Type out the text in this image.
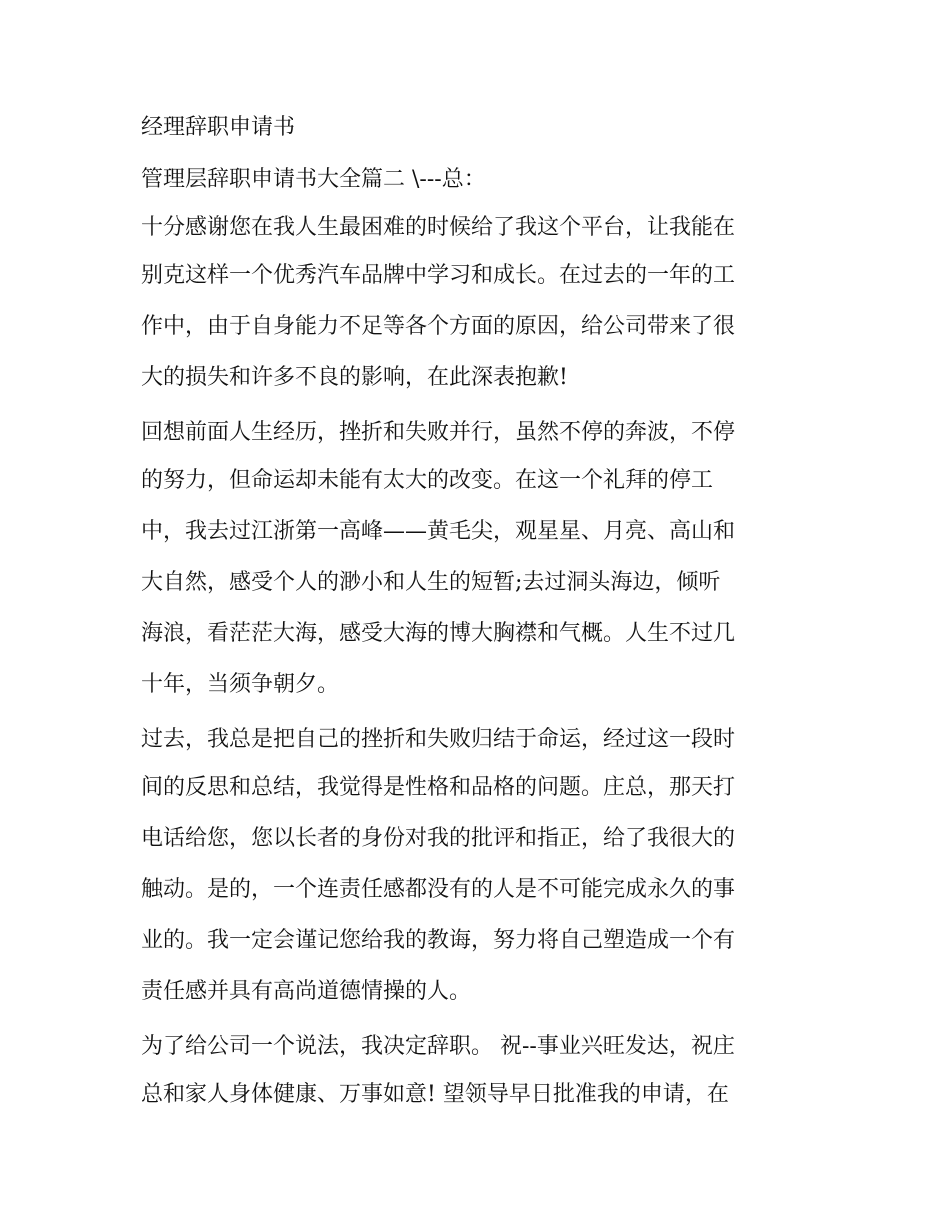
经理辞职申请书
管理层辞职申请书大全篇二 \---总：
十分感谢您在我人生最困难的时候给了我这个平台，让我能在
别克这样一个优秀汽车品牌中学习和成长。在过去的一年的工
作中，由于自身能力不足等各个方面的原因，给公司带来了很
大的损失和许多不良的影响，在此深表抱歉!
回想前面人生经历，挫折和失败并行，虽然不停的奔波，不停
的努力，但命运却未能有太大的改变。在这一个礼拜的停工
中，我去过江浙第一高峰——黄毛尖，观星星、月亮、高山和
大自然，感受个人的渺小和人生的短暂;去过洞头海边，倾听
海浪，看茫茫大海，感受大海的博大胸襟和气概。人生不过几
十年，当须争朝夕。
过去，我总是把自己的挫折和失败归结于命运，经过这一段时
间的反思和总结，我觉得是性格和品格的问题。庄总，那天打
电话给您，您以长者的身份对我的批评和指正，给了我很大的
触动。是的，一个连责任感都没有的人是不可能完成永久的事
业的。我一定会谨记您给我的教诲，努力将自己塑造成一个有
责任感并具有高尚道德情操的人。
为了给公司一个说法，我决定辞职。 祝--事业兴旺发达，祝庄
总和家人身体健康、万事如意! 望领导早日批准我的申请，在
